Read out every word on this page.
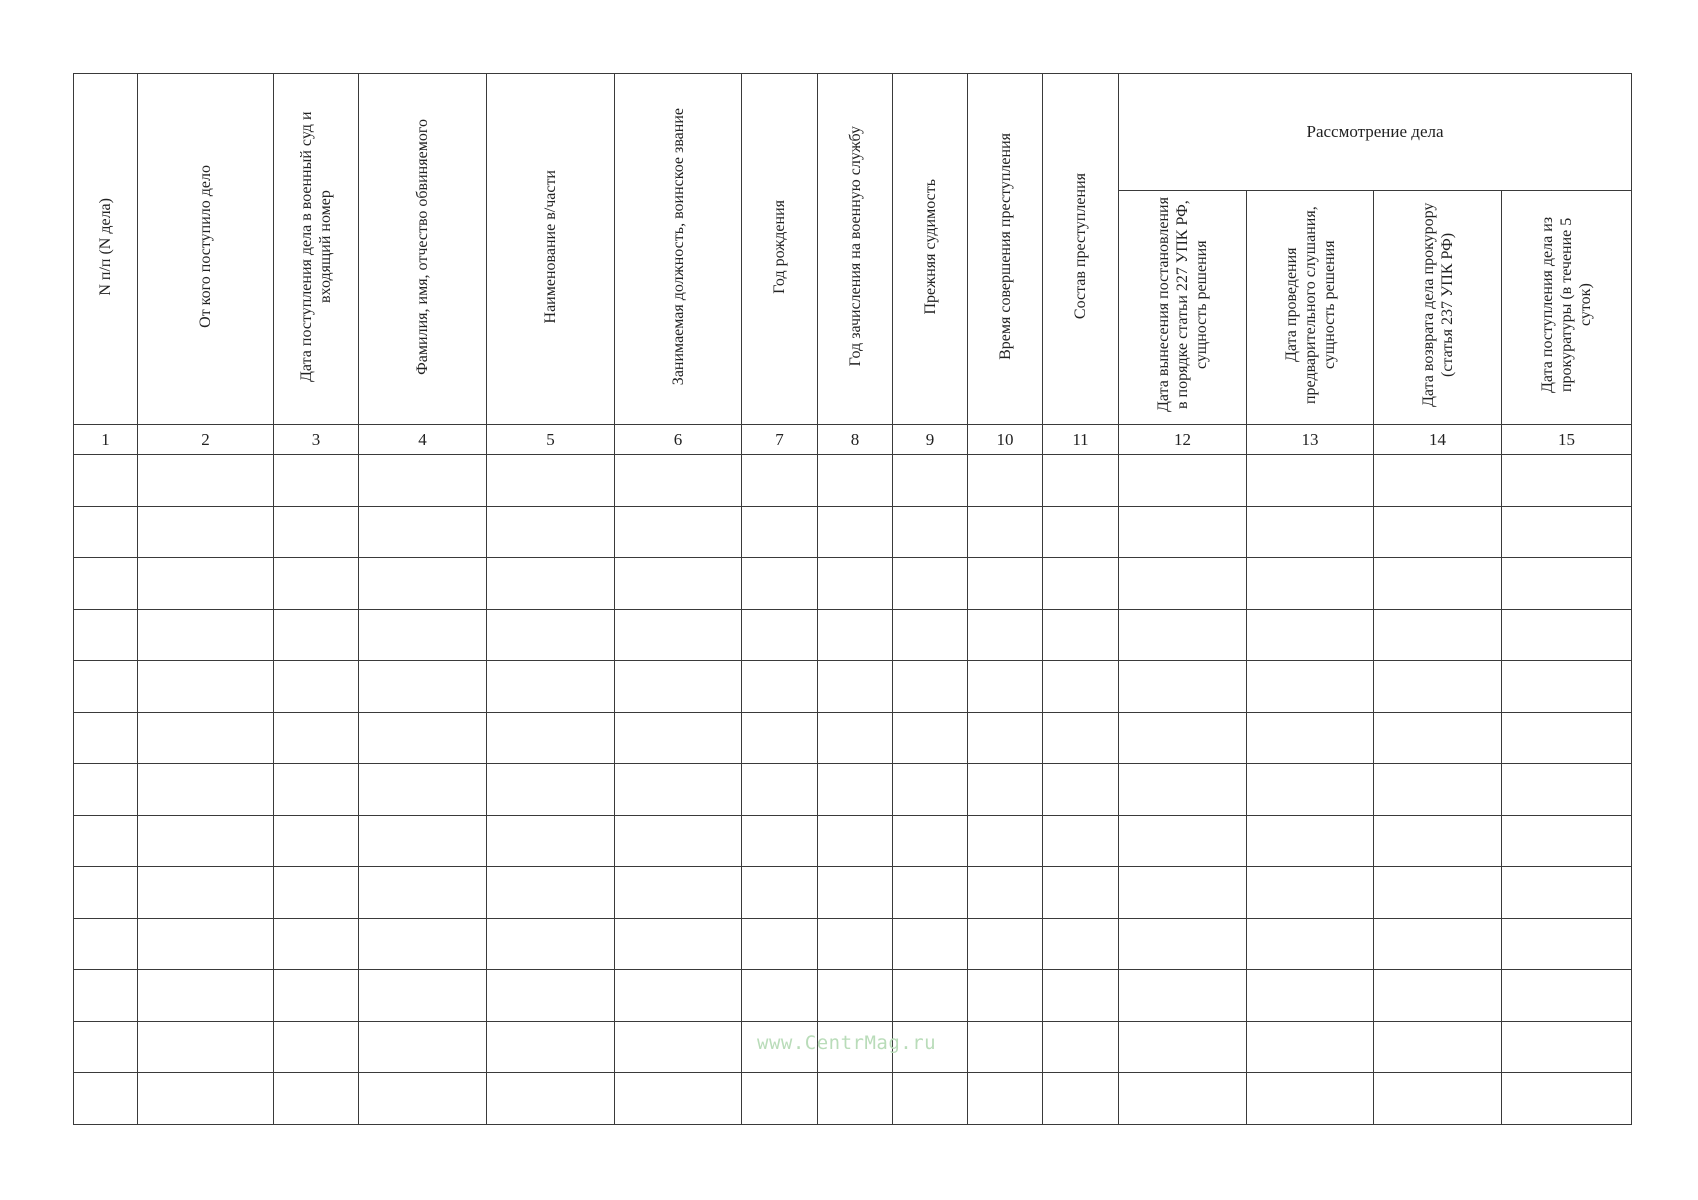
N п/п (N дела)	От кого поступило дело	Дата поступления дела в военный суд и входящий номер	Фамилия, имя, отчество обвиняемого	Наименование в/части	Занимаемая должность, воинское звание	Год рождения	Год зачисления на военную службу	Прежняя судимость	Время совершения преступления	Состав преступления	Рассмотрение дела			
											Дата вынесения постановления в порядке статьи 227 УПК РФ, сущность решения	Дата проведения предварительного слушания, сущность решения	Дата возврата дела прокурору (статья 237 УПК РФ)	Дата поступления дела из прокуратуры (в течение 5 суток)
1	2	3	4	5	6	7	8	9	10	11	12	13	14	15

www.CentrMag.ru
